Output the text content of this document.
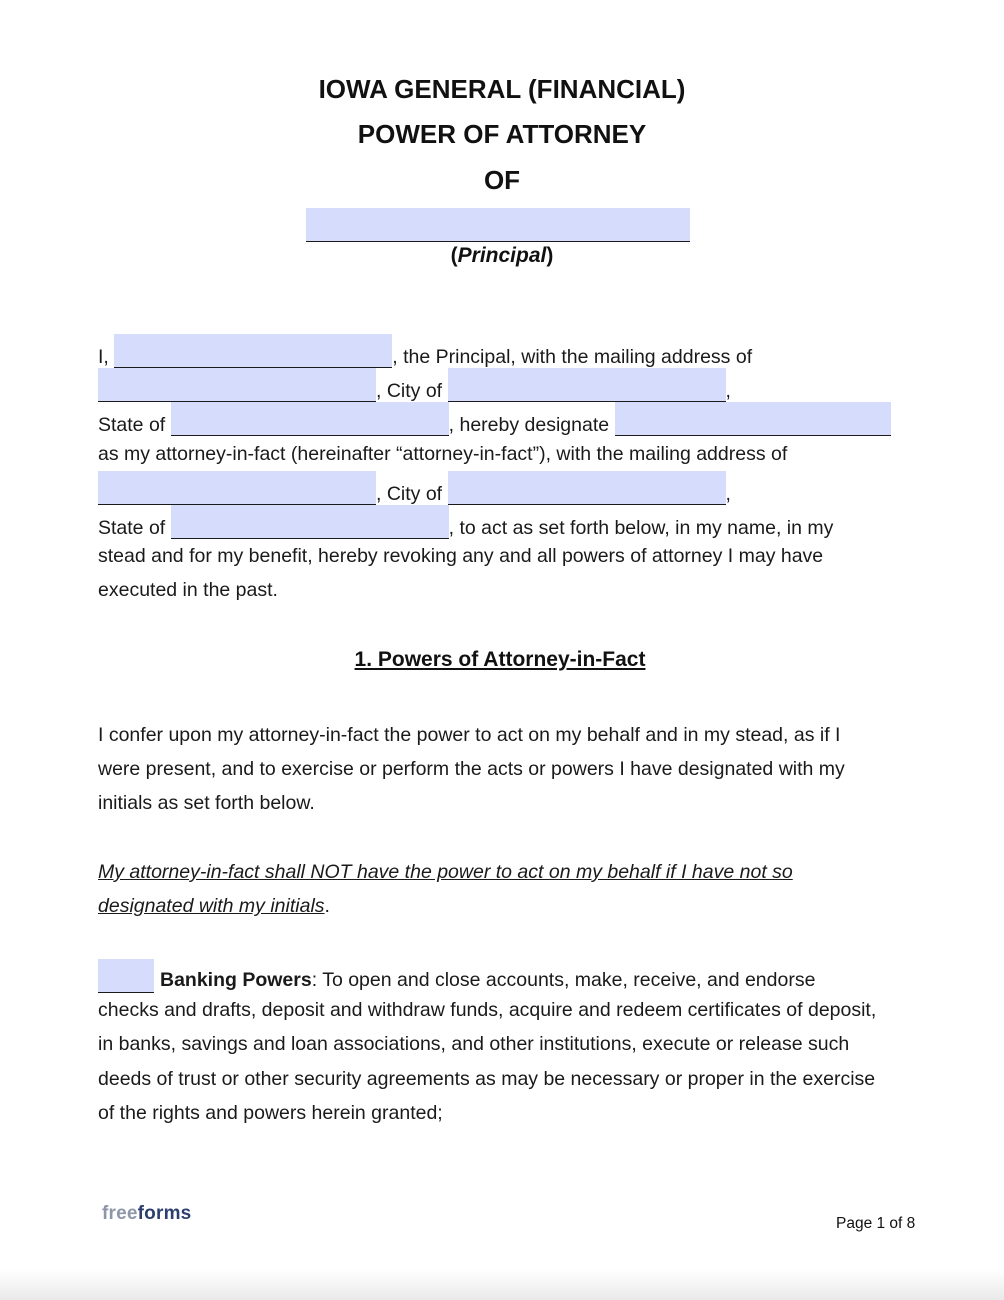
IOWA GENERAL (FINANCIAL)
POWER OF ATTORNEY
OF
(Principal)
I,	, the Principal, with the mailing address of
, City of	,
State of	, hereby designate
as my attorney-in-fact (hereinafter “attorney-in-fact”), with the mailing address of
, City of	,
State of	, to act as set forth below, in my name, in my
stead and for my benefit, hereby revoking any and all powers of attorney I may have
executed in the past.
1. Powers of Attorney-in-Fact
I confer upon my attorney-in-fact the power to act on my behalf and in my stead, as if I
were present, and to exercise or perform the acts or powers I have designated with my
initials as set forth below.
My attorney-in-fact shall NOT have the power to act on my behalf if I have not so
designated with my initials.
Banking Powers: To open and close accounts, make, receive, and endorse
checks and drafts, deposit and withdraw funds, acquire and redeem certificates of deposit,
in banks, savings and loan associations, and other institutions, execute or release such
deeds of trust or other security agreements as may be necessary or proper in the exercise
of the rights and powers herein granted;
freeforms	Page 1 of 8
